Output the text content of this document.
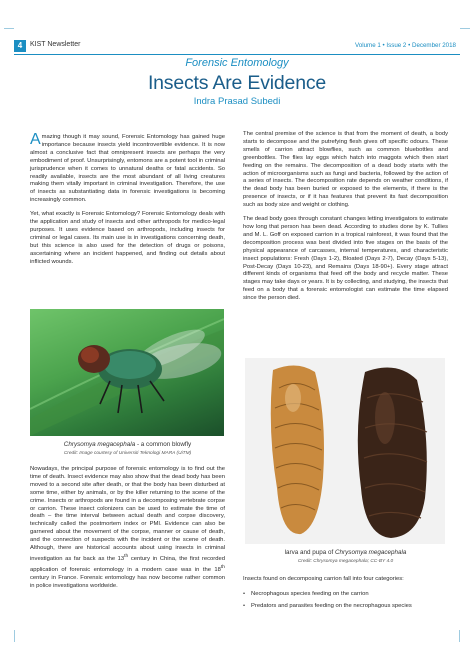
4	KIST Newsletter	Volume 1 • Issue 2 • December 2018
Forensic Entomology
Insects Are Evidence
Indra Prasad Subedi

Amazing though it may sound, Forensic Entomology has gained huge importance because insects yield incontrovertible evidence. It is now almost a conclusive fact that omnipresent insects are perhaps the very embodiment of proof. Unsurprisingly, entomons are a potent tool in criminal jurisprudence when it comes to unnatural deaths or fatal accidents. So readily available, insects are the most abundant of all living creatures making them vitally important in criminal investigation. Therefore, the use of insects as substantiating data in forensic investigations is becoming increasingly common.

Yet, what exactly is Forensic Entomology? Forensic Entomology deals with the application and study of insects and other arthropods for medico-legal purposes. It uses evidence based on arthropods, including insects for criminal or legal cases. Its main use is in investigations concerning death, but this science is also used for the detection of drugs or poisons, ascertaining where an incident happened, and finding out details about inflicted wounds.

Chrysomya megacephala - a common blowfly
Credit: Image courtesy of Universiti Teknologi MARA (UiTM)

Nowadays, the principal purpose of forensic entomology is to find out the time of death. Insect evidence may also show that the dead body has been moved to a second site after death, or that the body has been disturbed at some time, either by animals, or by the killer returning to the scene of the crime. Insects or arthropods are found in a decomposing vertebrate corpse or carrion. These insect colonizers can be used to estimate the time of death – the time interval between actual death and corpse discovery, technically called the postmortem index or PMI. Evidence can also be garnered about the movement of the corpse, manner or cause of death, and the connection of suspects with the incident or the scene of death. Although, there are historical accounts about using insects in criminal investigation as far back as the 13th century in China, the first recorded application of forensic entomology in a modern case was in the 18th century in France. Forensic entomology has now become rather common in police investigations worldwide.

The central premise of the science is that from the moment of death, a body starts to decompose and the putrefying flesh gives off specific odours. These smells of carrion attract blowflies, such as common bluebottles and greenbottles. The flies lay eggs which hatch into maggots which then start feeding on the remains. The decomposition of a dead body starts with the action of microorganisms such as fungi and bacteria, followed by the action of a series of insects. The decomposition rate depends on weather conditions, if the dead body has been buried or exposed to the elements, if there is the presence of insects, or if it has features that prevent its fast decomposition such as body size and weight or clothing.

The dead body goes through constant changes letting investigators to estimate how long that person has been dead. According to studies done by K. Tullies and M. L. Goff on exposed carrion in a tropical rainforest, it was found that the decomposition process was best divided into five stages on the basis of the physical appearance of carcasses, internal temperatures, and characteristic insect populations: Fresh (Days 1-2), Bloated (Days 2-7), Decay (Days 5-13), Post-Decay (Days 10-23), and Remains (Days 18-90+). Every stage attract different kinds of organisms that feed off the body and recycle matter. These stages may take days or years. It is by collecting, and studying, the insects that feed on a body that a forensic entomologist can estimate the time elapsed since the person died.

larva and pupa of Chrysomya megacephala
Credit: Chrysomya megacephala; CC-BY 4.0
Insects found on decomposing carrion fall into four categories:
• Necrophagous species feeding on the carrion
• Predators and parasites feeding on the necrophagous species
